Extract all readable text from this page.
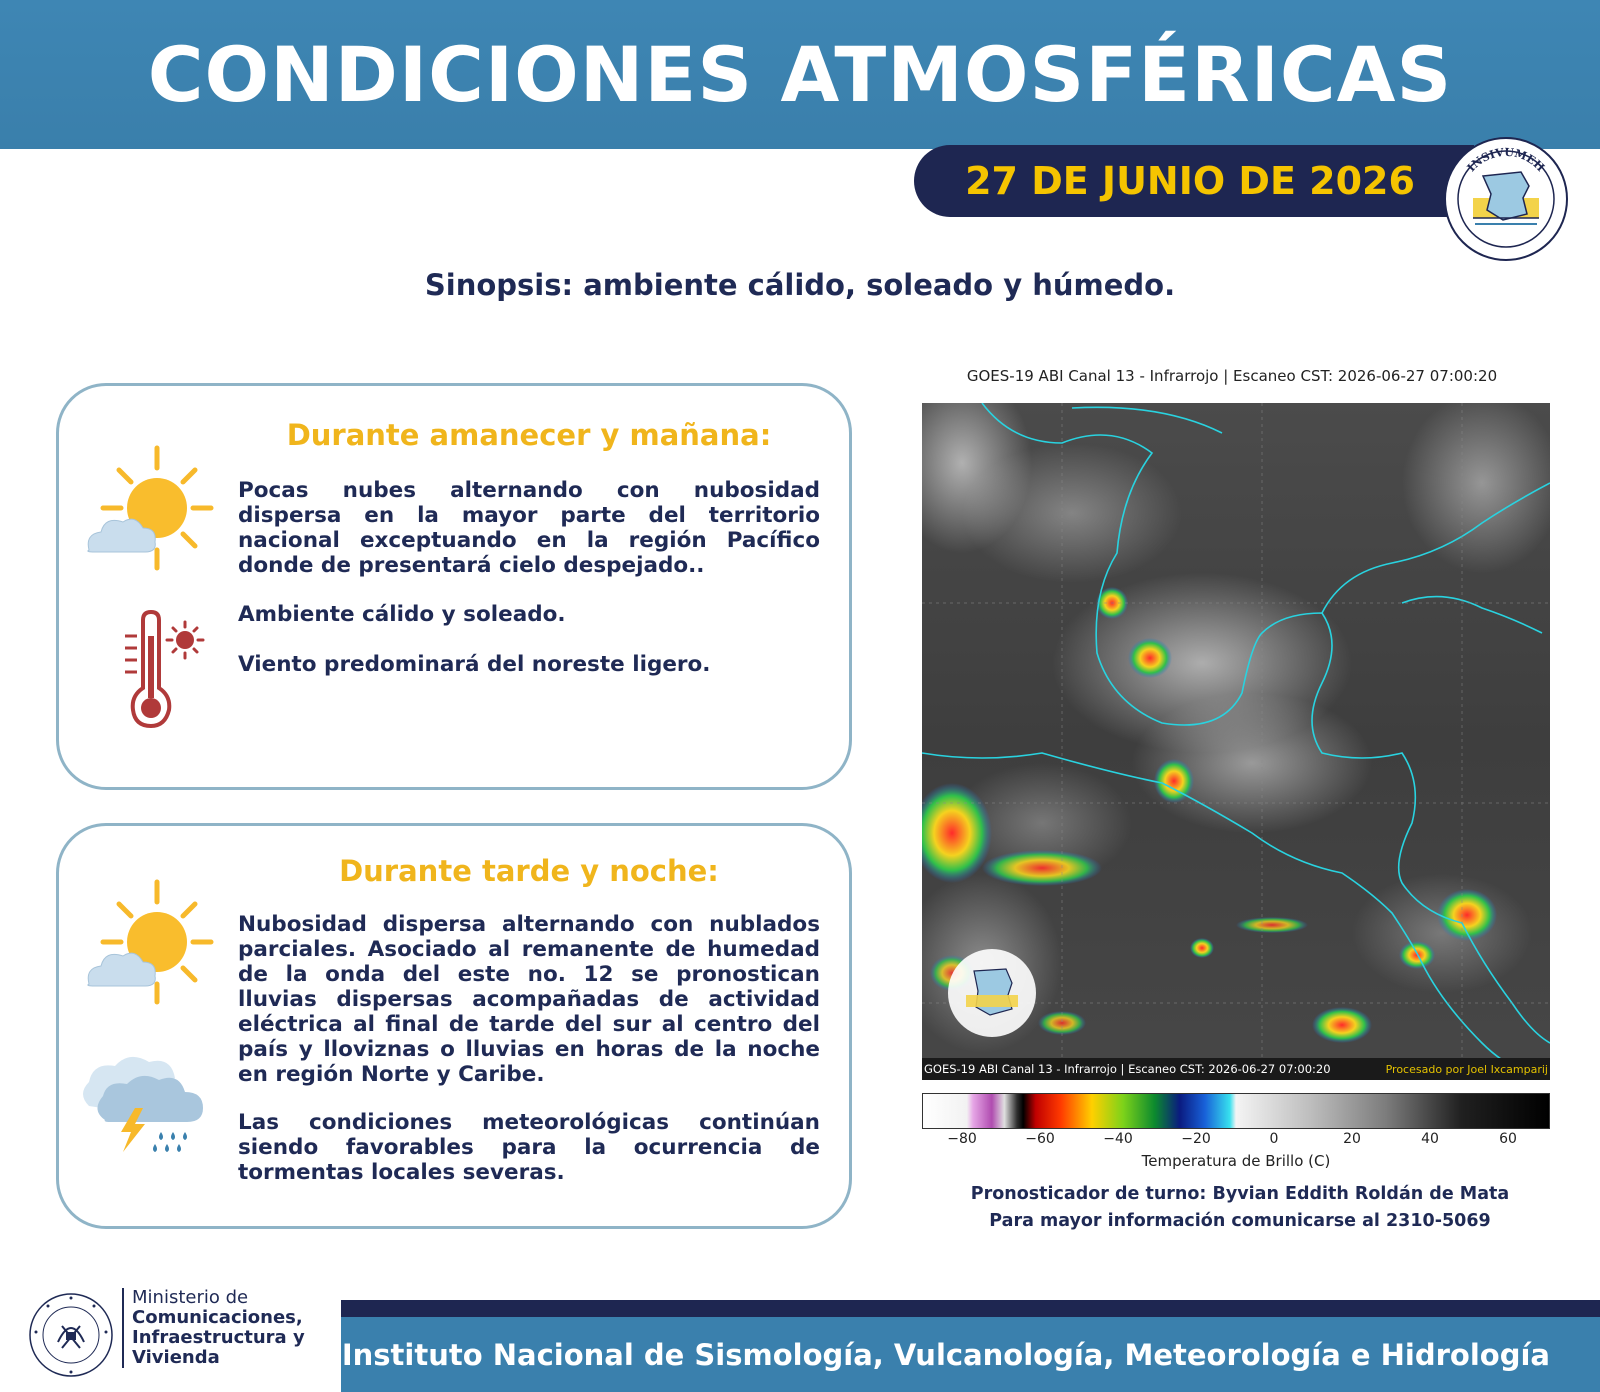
CONDICIONES ATMOSFÉRICAS
27 DE JUNIO DE 2026	INSIVUMEH
Sinopsis: ambiente cálido, soleado y húmedo.
Durante amanecer y mañana:

Pocas nubes alternando con nubosidad dispersa en la mayor parte del territorio nacional exceptuando en la región Pacífico donde de presentará cielo despejado..

Ambiente cálido y soleado.

Viento predominará del noreste ligero.

Durante tarde y noche:

Nubosidad dispersa alternando con nublados parciales. Asociado al remanente de humedad de la onda del este no. 12 se pronostican lluvias dispersas acompañadas de actividad eléctrica al final de tarde del sur al centro del país y lloviznas o lluvias en horas de la noche en región Norte y Caribe.

Las condiciones meteorológicas continúan siendo favorables para la ocurrencia de tormentas locales severas.

GOES-19 ABI Canal 13 - Infrarrojo | Escaneo CST: 2026-06-27 07:00:20
GOES-19 ABI Canal 13 - Infrarrojo | Escaneo CST: 2026-06-27 07:00:20	Procesado por Joel Ixcamparij
−80	−60	−40	−20	0	20	40	60
Temperatura de Brillo (C)
Pronosticador de turno: Byvian Eddith Roldán de Mata
Para mayor información comunicarse al 2310-5069
Ministerio de
Comunicaciones,
Infraestructura y
Vivienda	Instituto Nacional de Sismología, Vulcanología, Meteorología e Hidrología
